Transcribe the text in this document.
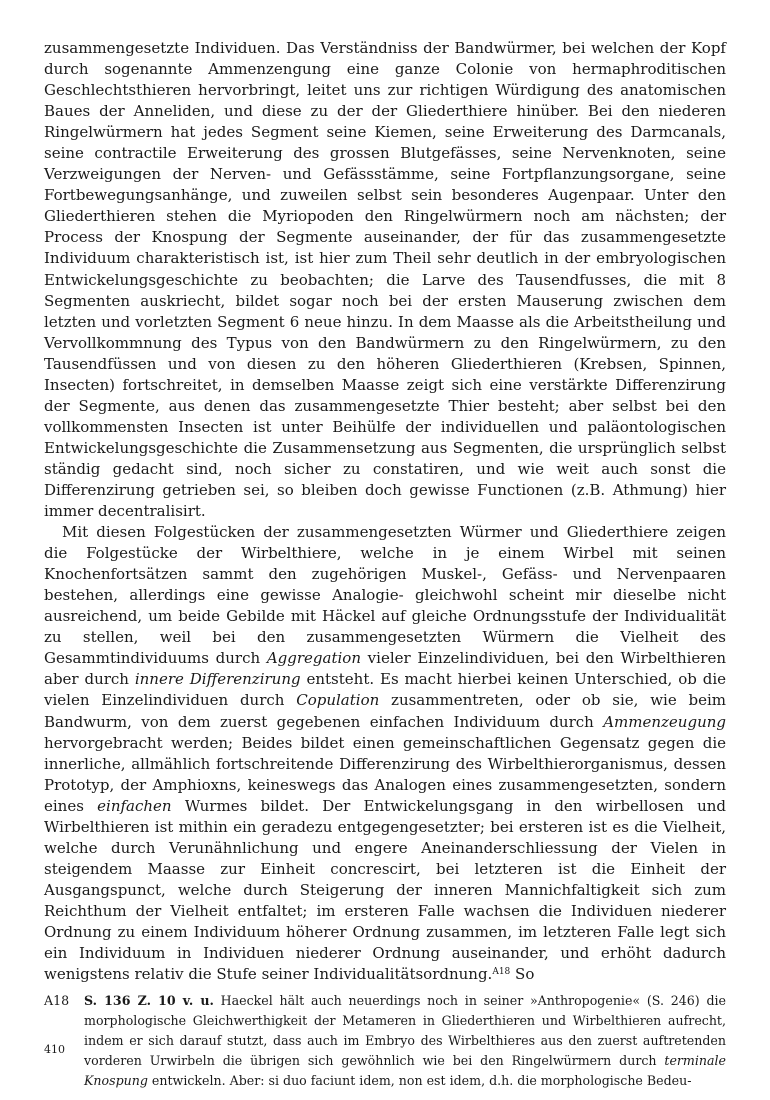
zusammengesetzte Individuen. Das Verständniss der Bandwürmer, bei welchen der Kopf durch sogenannte Ammenzengung eine ganze Colonie von hermaphroditischen Geschlechtsthieren hervorbringt, leitet uns zur richtigen Würdigung des anatomischen Baues der Anneliden, und diese zu der der Gliederthiere hinüber. Bei den niederen Ringelwürmern hat jedes Segment seine Kiemen, seine Erweiterung des Darmcanals, seine contractile Erweiterung des grossen Blutgefässes, seine Nervenknoten, seine Verzweigungen der Nerven- und Gefässstämme, seine Fortpflanzungsorgane, seine Fortbewegungsanhänge, und zuweilen selbst sein besonderes Augenpaar. Unter den Gliederthieren stehen die Myriopoden den Ringelwürmern noch am nächsten; der Process der Knospung der Segmente auseinander, der für das zusammengesetzte Individuum charakteristisch ist, ist hier zum Theil sehr deutlich in der embryologischen Entwickelungsgeschichte zu beobachten; die Larve des Tausendfusses, die mit 8 Segmenten auskriecht, bildet sogar noch bei der ersten Mauserung zwischen dem letzten und vorletzten Segment 6 neue hinzu. In dem Maasse als die Arbeitstheilung und Vervollkommnung des Typus von den Bandwürmern zu den Ringelwürmern, zu den Tausendfüssen und von diesen zu den höheren Gliederthieren (Krebsen, Spinnen, Insecten) fortschreitet, in demselben Maasse zeigt sich eine verstärkte Differenzirung der Segmente, aus denen das zusammengesetzte Thier besteht; aber selbst bei den vollkommensten Insecten ist unter Beihülfe der individuellen und paläontologischen Entwickelungsgeschichte die Zusammensetzung aus Segmenten, die ursprünglich selbst ständig gedacht sind, noch sicher zu constatiren, und wie weit auch sonst die Differenzirung getrieben sei, so bleiben doch gewisse Functionen (z.B. Athmung) hier immer decentralisirt.

Mit diesen Folgestücken der zusammengesetzten Würmer und Gliederthiere zeigen die Folgestücke der Wirbelthiere, welche in je einem Wirbel mit seinen Knochenfortsätzen sammt den zugehörigen Muskel-, Gefäss- und Nervenpaaren bestehen, allerdings eine gewisse Analogie- gleichwohl scheint mir dieselbe nicht ausreichend, um beide Gebilde mit Häckel auf gleiche Ordnungsstufe der Individualität zu stellen, weil bei den zusammengesetzten Würmern die Vielheit des Gesammtindividuums durch Aggregation vieler Einzelindividuen, bei den Wirbelthieren aber durch innere Differenzirung entsteht. Es macht hierbei keinen Unterschied, ob die vielen Einzelindividuen durch Copulation zusammentreten, oder ob sie, wie beim Bandwurm, von dem zuerst gegebenen einfachen Individuum durch Ammenzeugung hervorgebracht werden; Beides bildet einen gemeinschaftlichen Gegensatz gegen die innerliche, allmählich fortschreitende Differenzirung des Wirbelthierorganismus, dessen Prototyp, der Amphioxns, keineswegs das Analogen eines zusammengesetzten, sondern eines einfachen Wurmes bildet. Der Entwickelungsgang in den wirbellosen und Wirbelthieren ist mithin ein geradezu entgegengesetzter; bei ersteren ist es die Vielheit, welche durch Verunähnlichung und engere Aneinanderschliessung der Vielen in steigendem Maasse zur Einheit concrescirt, bei letzteren ist die Einheit der Ausgangspunct, welche durch Steigerung der inneren Mannichfaltigkeit sich zum Reichthum der Vielheit entfaltet; im ersteren Falle wachsen die Individuen niederer Ordnung zu einem Individuum höherer Ordnung zusammen, im letzteren Falle legt sich ein Individuum in Individuen niederer Ordnung auseinander, und erhöht dadurch wenigstens relativ die Stufe seiner Individualitätsordnung.$^{A18}$ So

A18 S. 136 Z. 10 v. u. Haeckel hält auch neuerdings noch in seiner »Anthropogenie« (S. 246) die morphologische Gleichwerthigkeit der Metameren in Gliederthieren und Wirbelthieren aufrecht, indem er sich darauf stutzt, dass auch im Embryo des Wirbelthieres aus den zuerst auftretenden vorderen Urwirbeln die übrigen sich gewöhnlich wie bei den Ringelwürmern durch terminale Knospung entwickeln. Aber: si duo faciunt idem, non est idem, d.h. die morphologische Bedeu-
410
